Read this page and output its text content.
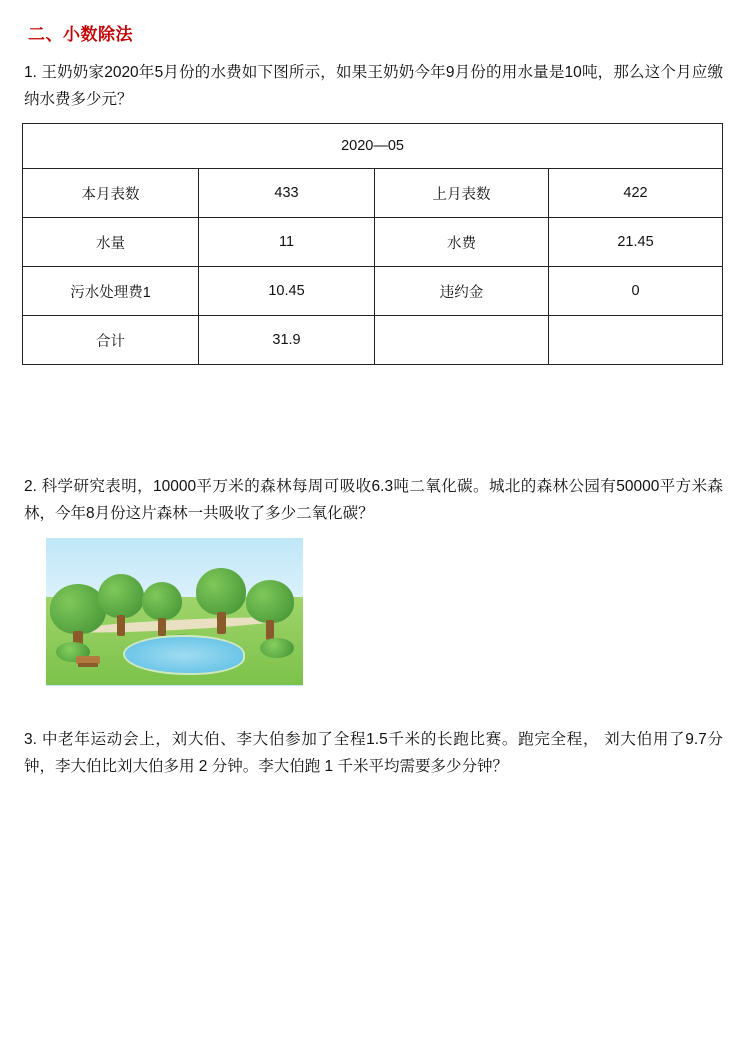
二、小数除法

1. 王奶奶家2020年5月份的水费如下图所示，如果王奶奶今年9月份的用水量是10吨，那么这个月应缴纳水费多少元？

2020—05			
本月表数	433	上月表数	422
水量	11	水费	21.45
污水处理费1	10.45	违约金	0
合计	31.9		

2. 科学研究表明，10000平万米的森林每周可吸收6.3吨二氧化碳。城北的森林公园有50000平方米森林，今年8月份这片森林一共吸收了多少二氧化碳？

3. 中老年运动会上，刘大伯、李大伯参加了全程1.5千米的长跑比赛。跑完全程， 刘大伯用了9.7分钟，李大伯比刘大伯多用 2 分钟。李大伯跑 1 千米平均需要多少分钟？
